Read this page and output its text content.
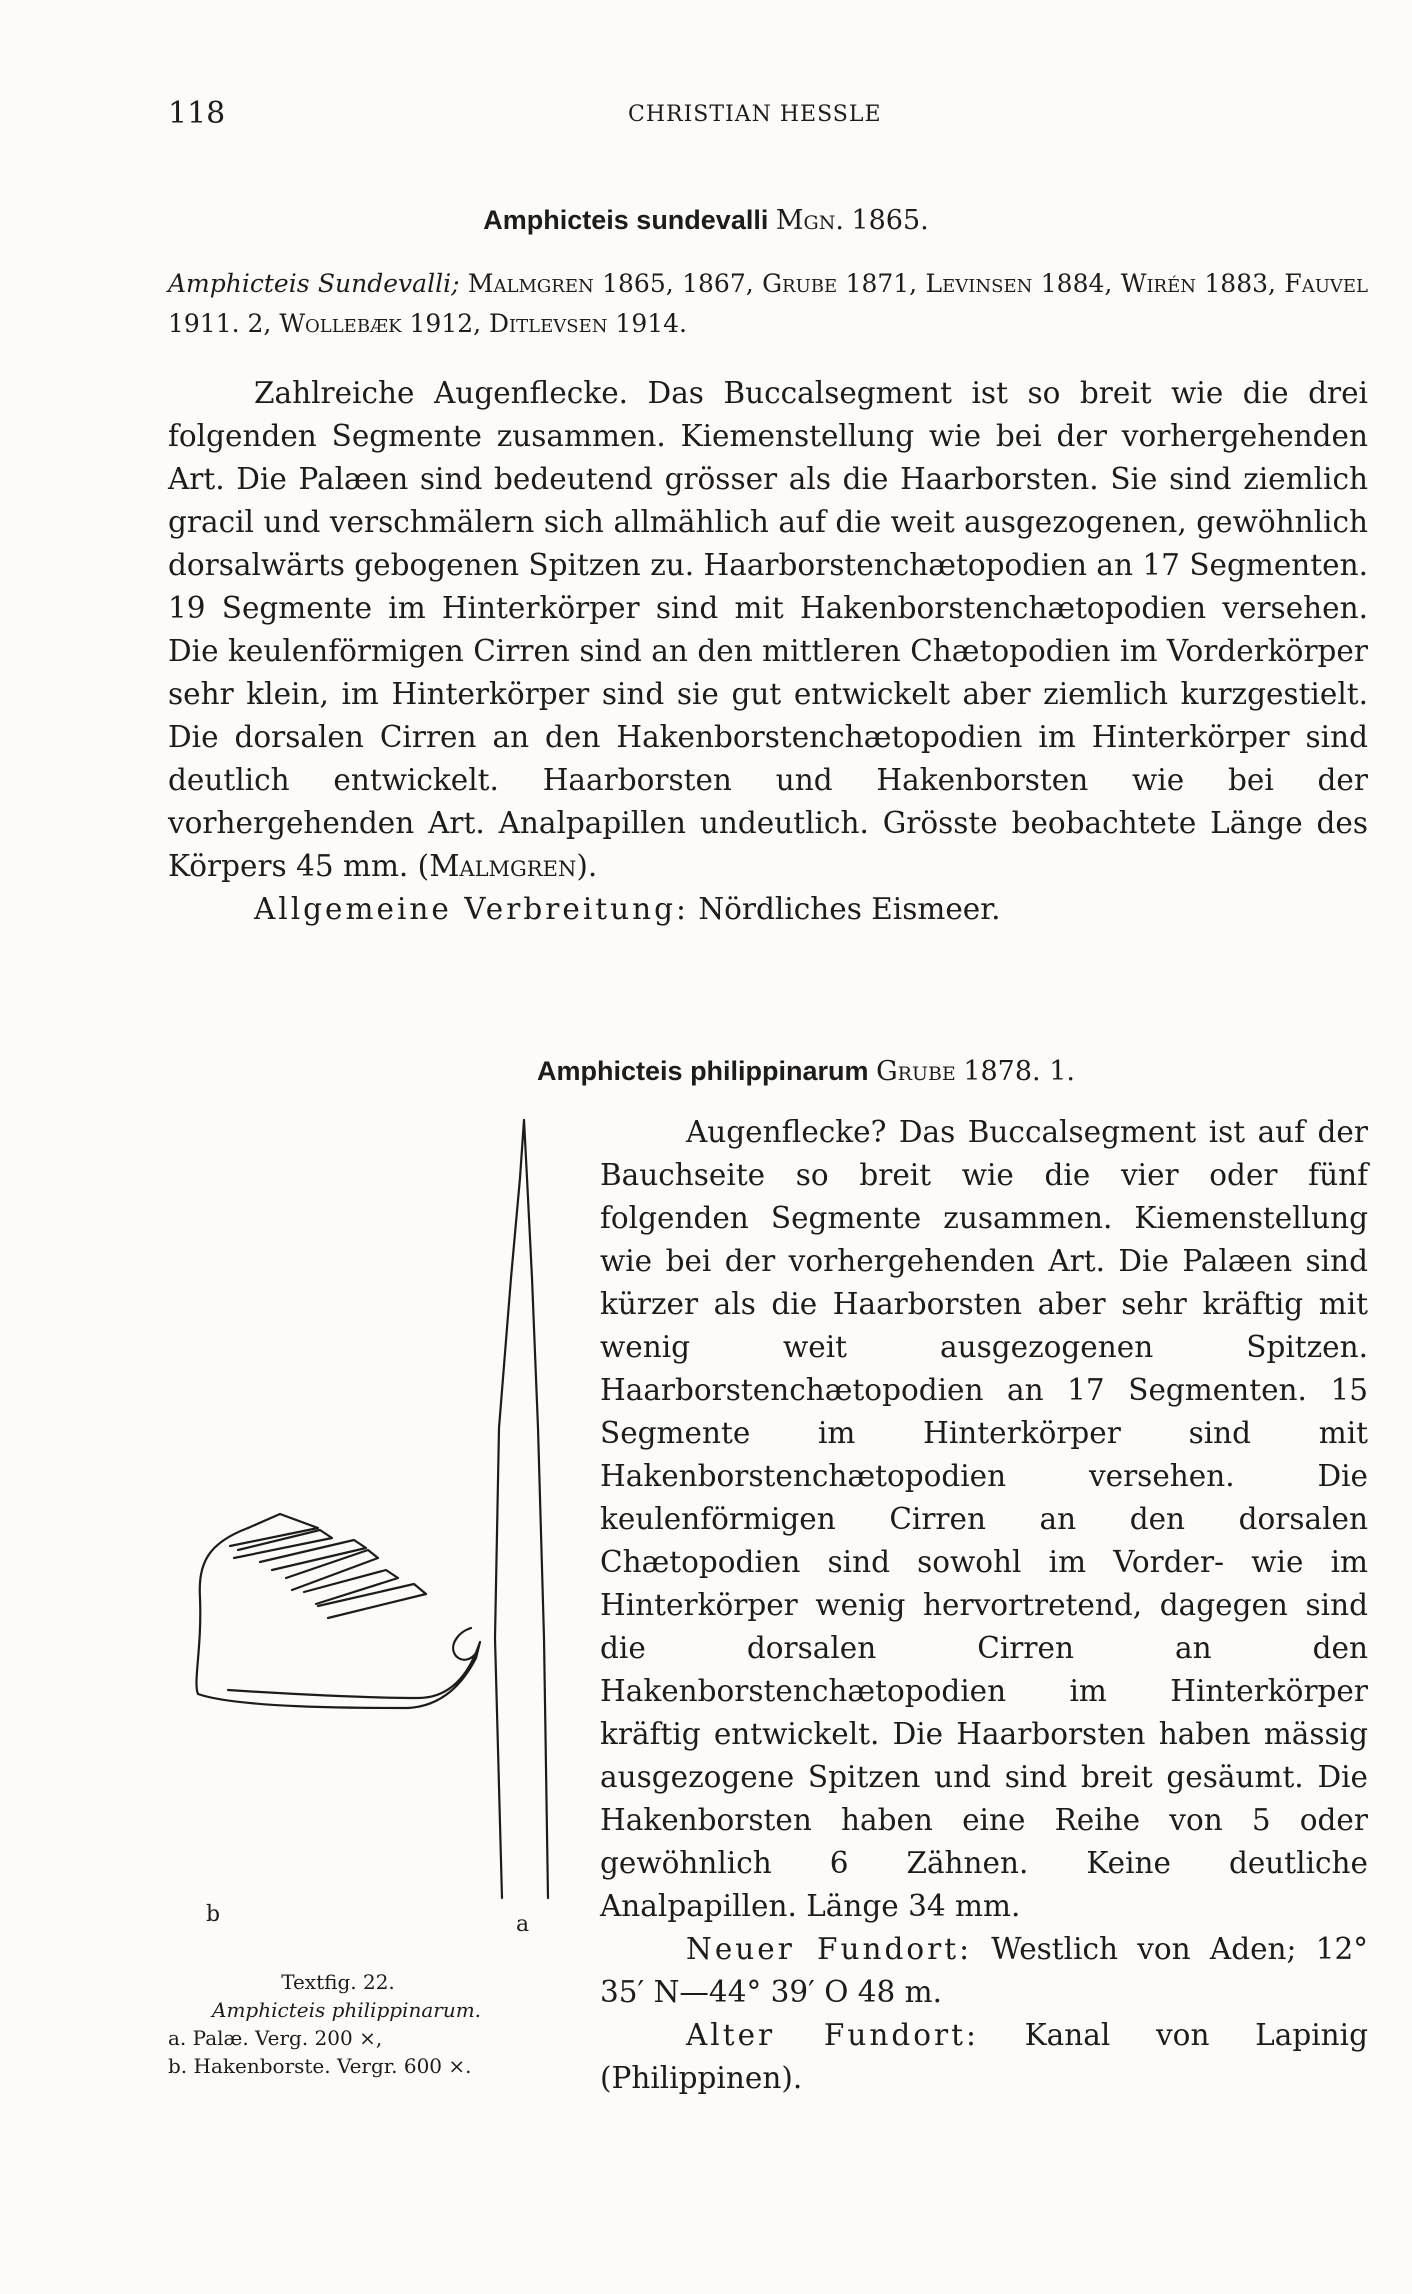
118	CHRISTIAN HESSLE
Amphicteis sundevalli Mgn. 1865.
Amphicteis Sundevalli; Malmgren 1865, 1867, Grube 1871, Levinsen 1884, Wirén 1883, Fauvel 1911. 2, Wollebæk 1912, Ditlevsen 1914.

Zahlreiche Augenflecke. Das Buccalsegment ist so breit wie die drei folgenden Segmente zusammen. Kiemenstellung wie bei der vorhergehenden Art. Die Palæen sind bedeutend grösser als die Haarborsten. Sie sind ziemlich gracil und verschmälern sich allmählich auf die weit ausgezogenen, gewöhnlich dorsalwärts gebogenen Spitzen zu. Haarborstenchætopodien an 17 Segmenten. 19 Segmente im Hinterkörper sind mit Hakenborstenchætopodien versehen. Die keulenförmigen Cirren sind an den mittleren Chætopodien im Vorderkörper sehr klein, im Hinterkörper sind sie gut entwickelt aber ziemlich kurzgestielt. Die dorsalen Cirren an den Hakenborstenchætopodien im Hinterkörper sind deutlich entwickelt. Haarborsten und Hakenborsten wie bei der vorhergehenden Art. Analpapillen undeutlich. Grösste beobachtete Länge des Körpers 45 mm. (Malmgren).

Allgemeine Verbreitung: Nördliches Eismeer.

Amphicteis philippinarum Grube 1878. 1.
b	a
Textfig. 22.
Amphicteis philippinarum.
a. Palæ. Verg. 200 ×,
b. Hakenborste. Vergr. 600 ×.

Augenflecke? Das Buccalsegment ist auf der Bauchseite so breit wie die vier oder fünf folgenden Segmente zusammen. Kiemenstellung wie bei der vorhergehenden Art. Die Palæen sind kürzer als die Haarborsten aber sehr kräftig mit wenig weit ausgezogenen Spitzen. Haarborstenchætopodien an 17 Segmenten. 15 Segmente im Hinterkörper sind mit Hakenborstenchætopodien versehen. Die keulenförmigen Cirren an den dorsalen Chætopodien sind sowohl im Vorder- wie im Hinterkörper wenig hervortretend, dagegen sind die dorsalen Cirren an den Hakenborstenchætopodien im Hinterkörper kräftig entwickelt. Die Haarborsten haben mässig ausgezogene Spitzen und sind breit gesäumt. Die Hakenborsten haben eine Reihe von 5 oder gewöhnlich 6 Zähnen. Keine deutliche Analpapillen. Länge 34 mm.

Neuer Fundort: Westlich von Aden; 12° 35′ N—44° 39′ O 48 m.

Alter Fundort: Kanal von Lapinig (Philippinen).
